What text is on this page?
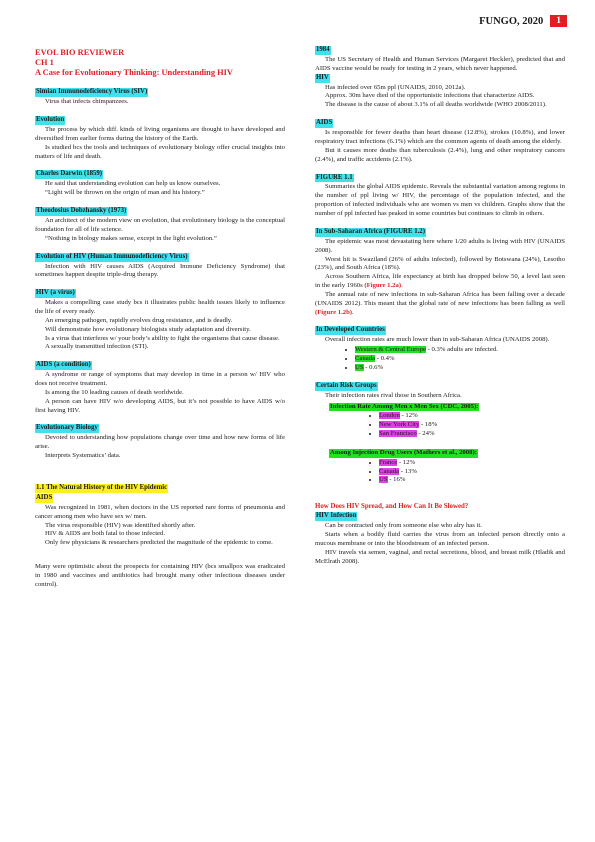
FUNGO, 2020	1
EVOL BIO REVIEWER
CH 1
A Case for Evolutionary Thinking: Understanding HIV
Simian Immunodeficiency Virus (SIV)

Virus that infects chimpanzees.

Evolution

The process by which diff. kinds of living organisms are thought to have developed and diversified from earlier forms during the history of the Earth.

Is studied bcs the tools and techniques of evolutionary biology offer crucial insights into matters of life and death.

Charles Darwin (1859)

He said that understanding evolution can help us know ourselves.

“Light will be thrown on the origin of man and his history.”

Theodosius Dobzhansky (1973)

An architect of the modern view on evolution, that evolutionary biology is the conceptual foundation for all of life science.

“Nothing in biology makes sense, except in the light evolution.”

Evolution of HIV (Human Immunodeficiency Virus)

Infection with HIV causes AIDS (Acquired Immune Deficiency Syndrome) that sometimes happen despite triple-drug therapy.

HIV (a virus)

Makes a compelling case study bcs it illustrates public health issues likely to influence the life of every ready.

An emerging pathogen, rapidly evolves drug resistance, and is deadly.

Will demonstrate how evolutionary biologists study adaptation and diversity.

Is a virus that interferes w/ your body’s ability to fight the organisms that cause disease.

A sexually transmitted infection (STI).

AIDS (a condition)

A syndrome or range of symptoms that may develop in time in a person w/ HIV who does not receive treatment.

Is among the 10 leading causes of death worldwide.

A person can have HIV w/o developing AIDS, but it’s not possible to have AIDS w/o first having HIV.

Evolutionary Biology

Devoted to understanding how populations change over time and how new forms of life arise.

Interprets Systematics’ data.

1.1 The Natural History of the HIV Epidemic
AIDS

Was recognized in 1981, when doctors in the US reported rare forms of pneumonia and cancer among men who have sex w/ men.

The virus responsible (HIV) was identified shortly after.

HIV & AIDS are both fatal to those infected.

Only few physicians & researchers predicted the magnitude of the epidemic to come.

Many were optimistic about the prospects for containing HIV (bcs smallpox was eradicated in 1980 and vaccines and antibiotics had brought many other infectious diseases under control).

1984

The US Secretary of Health and Human Services (Margaret Heckler), predicted that and AIDS vaccine would be ready for testing in 2 years, which never happened.

HIV

Has infected over 65m ppl (UNAIDS, 2010, 2012a).

Approx. 30m have died of the opportunistic infections that characterize AIDS.

The disease is the cause of about 3.1% of all deaths worldwide (WHO 2008/2011).

AIDS

Is responsible for fewer deaths than heart disease (12.8%), strokes (10.8%), and lower respiratory tract infections (6.1%) which are the common agents of death among the elderly.

But it causes more deaths than tuberculosis (2.4%), lung and other respiratory cancers (2.4%), and traffic accidents (2.1%).

FIGURE 1.1

Summaries the global AIDS epidemic. Reveals the substantial variation among regions in the number of ppl living w/ HIV, the percentage of the population infected, and the proportion of infected individuals who are women vs men vs children. Graphs show that the number of ppl infected has peaked in some countries but continues to climb in others.

In Sub-Saharan Africa (FIGURE 1.2)

The epidemic was most devastating here where 1/20 adults is living with HIV (UNAIDS 2008).

Worst hit is Swaziland (26% of adults infected), followed by Botswana (24%), Lesotho (23%), and South Africa (18%).

Across Southern Africa, life expectancy at birth has dropped below 50, a level last seen in the early 1960s (Figure 1.2a).

The annual rate of new infections in sub-Saharan Africa has been falling over a decade (UNAIDS 2012). This meant that the global rate of new infections has been falling as well (Figure 1.2b).

In Developed Countries

Overall infection rates are much lower than in sub-Saharan Africa (UNAIDS 2008).

• Western & Central Europe - 0.3% adults are infected.
• Canada - 0.4%
• US - 0.6%
Certain Risk Groups

Their infection rates rival those in Southern Africa.

Infection Rate Among Men x Men Sex (CDC, 2005):
• London - 12%
• New York City - 18%
• San Francisco - 24%
Among Injection Drug Users (Mathers et al., 2008):
• France - 12%
• Canada - 13%
• US - 16%
How Does HIV Spread, and How Can It Be Slowed?
HIV Infection

Can be contracted only from someone else who alry has it.

Starts when a bodily fluid carries the virus from an infected person directly onto a mucous membrane or into the bloodstream of an infected person.

HIV travels via semen, vaginal, and rectal secretions, blood, and breast milk (Hladik and McElrath 2008).
